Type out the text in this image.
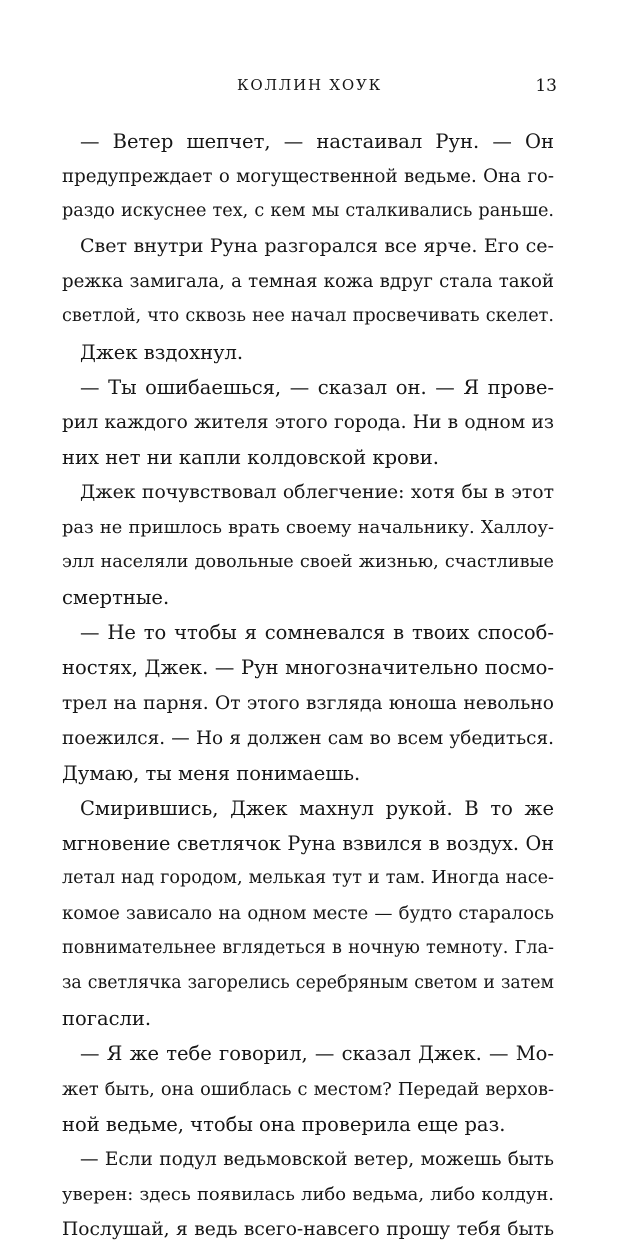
КОЛЛИН ХОУК	13
— Ветер шепчет, — настаивал Рун. — Он
предупреждает о могущественной ведьме. Она го-
раздо искуснее тех, с кем мы сталкивались раньше.
Свет внутри Руна разгорался все ярче. Его се-
режка замигала, а темная кожа вдруг стала такой
светлой, что сквозь нее начал просвечивать скелет.
Джек вздохнул.
— Ты ошибаешься, — сказал он. — Я прове-
рил каждого жителя этого города. Ни в одном из
них нет ни капли колдовской крови.
Джек почувствовал облегчение: хотя бы в этот
раз не пришлось врать своему начальнику. Халлоу-
элл населяли довольные своей жизнью, счастливые
смертные.
— Не то чтобы я сомневался в твоих способ-
ностях, Джек. — Рун многозначительно посмо-
трел на парня. От этого взгляда юноша невольно
поежился. — Но я должен сам во всем убедиться.
Думаю, ты меня понимаешь.
Смирившись, Джек махнул рукой. В то же
мгновение светлячок Руна взвился в воздух. Он
летал над городом, мелькая тут и там. Иногда насе-
комое зависало на одном месте — будто старалось
повнимательнее вглядеться в ночную темноту. Гла-
за светлячка загорелись серебряным светом и затем
погасли.
— Я же тебе говорил, — сказал Джек. — Мо-
жет быть, она ошиблась с местом? Передай верхов-
ной ведьме, чтобы она проверила еще раз.
— Если подул ведьмовской ветер, можешь быть
уверен: здесь появилась либо ведьма, либо колдун.
Послушай, я ведь всего-навсего прошу тебя быть
